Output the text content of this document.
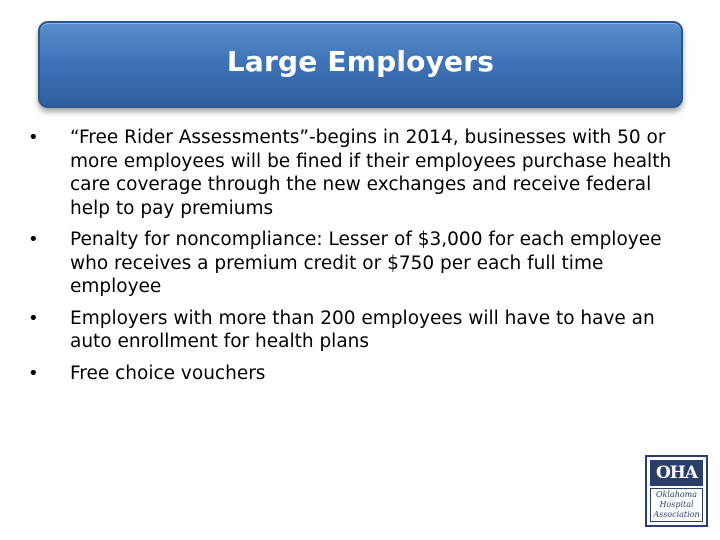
Large Employers
•	“Free Rider Assessments”-begins in 2014, businesses with 50 or more employees will be fined if their employees purchase health care coverage through the new exchanges and receive federal help to pay premiums
•	Penalty for noncompliance: Lesser of $3,000 for each employee who receives a premium credit or $750 per each full time employee
•	Employers with more than 200 employees will have to have an auto enrollment for health plans
•	Free choice vouchers
OHA
Oklahoma
Hospital
Association
